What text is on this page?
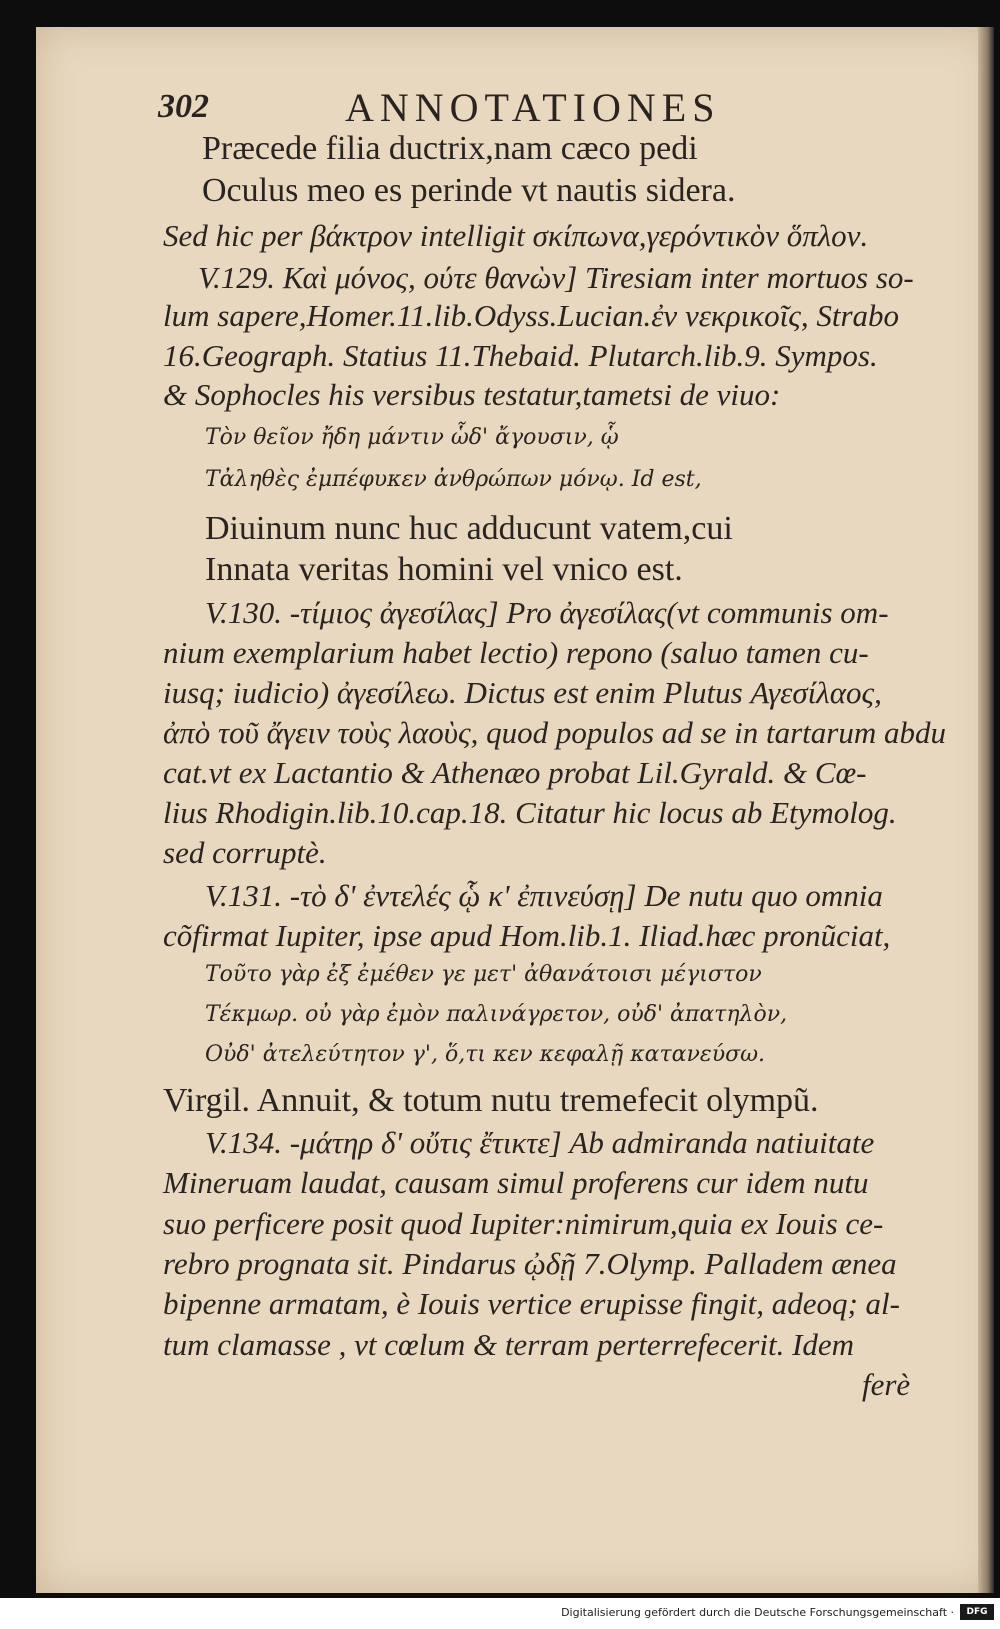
302	ANNOTATIONES
Præcede filia ductrix,nam cæco pedi
Oculus meo es perinde vt nautis sidera.
Sed hic per βάκτρον intelligit σκίπωνα,γερόντικὸν ὅπλον.
V.129. Καὶ μόνος, ούτε θανὼν] Tiresiam inter mortuos so-
lum sapere,Homer.11.lib.Odyss.Lucian.ἐν νεκρικοῖς, Strabo
16.Geograph. Statius 11.Thebaid. Plutarch.lib.9. Sympos.
& Sophocles his versibus testatur,tametsi de viuo:
Τὸν θεῖον ἤδη μάντιν ὧδ' ἄγουσιν, ᾧ
Τἀληθὲς ἐμπέφυκεν ἀνθρώπων μόνῳ. Id est,
Diuinum nunc huc adducunt vatem,cui
Innata veritas homini vel vnico est.
V.130. -τίμιος ἀγεσίλας] Pro ἀγεσίλας(vt communis om-
nium exemplarium habet lectio) repono (saluo tamen cu-
iusq; iudicio) ἀγεσίλεω. Dictus est enim Plutus Αγεσίλαος,
ἀπὸ τοῦ ἄγειν τοὺς λαοὺς, quod populos ad se in tartarum abdu
cat.vt ex Lactantio & Athenæo probat Lil.Gyrald. & Cœ-
lius Rhodigin.lib.10.cap.18. Citatur hic locus ab Etymolog.
sed corruptè.
V.131. -τὸ δ' ἐντελές ᾧ κ' ἐπινεύσῃ] De nutu quo omnia
cõfirmat Iupiter, ipse apud Hom.lib.1. Iliad.hæc pronũciat,
Τοῦτο γὰρ ἐξ ἐμέθεν γε μετ' ἀθανάτοισι μέγιστον
Τέκμωρ. οὐ γὰρ ἐμὸν παλινάγρετον, οὐδ' ἀπατηλὸν,
Οὐδ' ἀτελεύτητον γ', ὅ,τι κεν κεφαλῇ κατανεύσω.
Virgil. Annuit, & totum nutu tremefecit olympũ.
V.134. -μάτηρ δ' οὔτις ἔτικτε] Ab admiranda natiuitate
Mineruam laudat, causam simul proferens cur idem nutu
suo perficere posit quod Iupiter:nimirum,quia ex Iouis ce-
rebro prognata sit. Pindarus ᾠδῇ 7.Olymp. Palladem ænea
bipenne armatam, è Iouis vertice erupisse fingit, adeoq; al-
tum clamasse , vt cœlum & terram perterrefecerit. Idem
ferè
Digitalisierung gefördert durch die Deutsche Forschungsgemeinschaft ·	DFG
